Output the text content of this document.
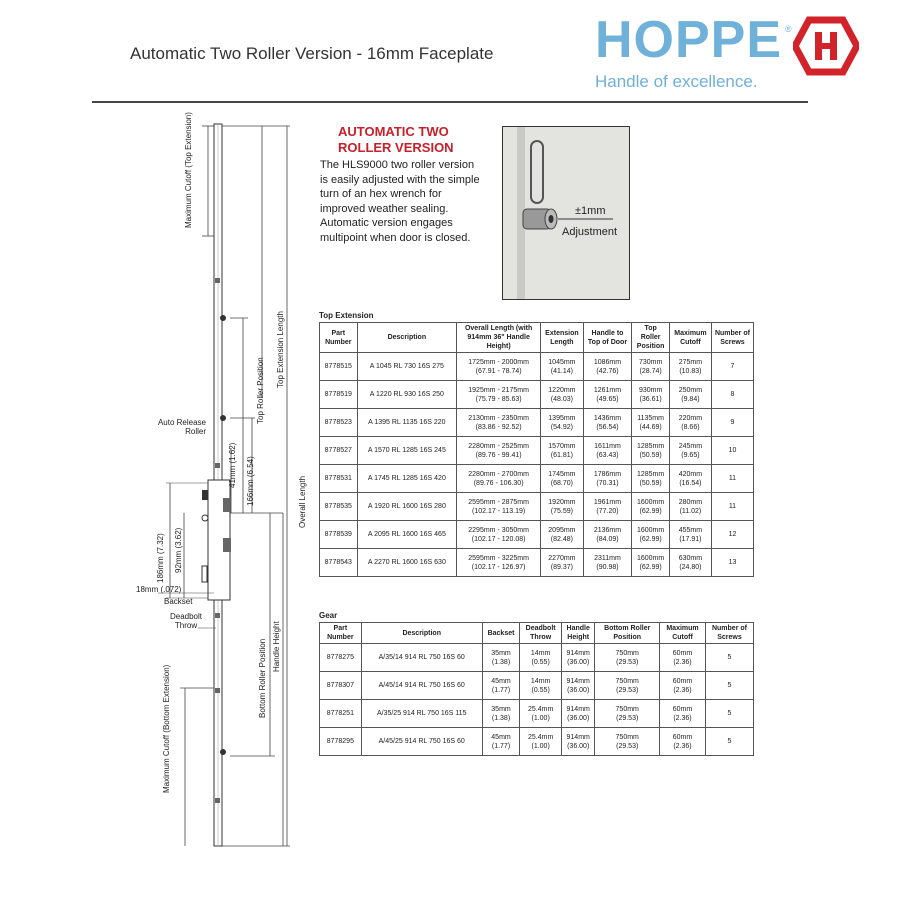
Automatic Two Roller Version - 16mm Faceplate HOPPE ®
Handle of excellence.
Maximum Cutoff (Top Extension)
Top Extension Length
Top Roller Position
Auto Release Roller
41mm (1.62) 166mm (6.54)	Overall Length
186mm (7.32) 92mm (3.62)
18mm (.072)
Backset
Deadbolt Throw
Bottom Roller Position Handle Height
Maximum Cutoff (Bottom Extension)
AUTOMATIC TWO ROLLER VERSION
The HLS9000 two roller version is easily adjusted with the simple turn of an hex wrench for improved weather sealing. Automatic version engages multipoint when door is closed.
±1mm
Adjustment
Top Extension
Part Number	Description	Overall Length (with 914mm 36" Handle Height)	Extension Length	Handle to Top of Door	Top Roller Position	Maximum Cutoff	Number of Screws

8778515	A 1045 RL 730 16S 275	1725mm - 2000mm
(67.91 - 78.74)	1045mm
(41.14)	1086mm
(42.76)	730mm
(28.74)	275mm
(10.83)	7

8778519	A 1220 RL 930 16S 250	1925mm - 2175mm
(75.79 - 85.63)	1220mm
(48.03)	1261mm
(49.65)	930mm
(36.61)	250mm
(9.84)	8

8778523	A 1395 RL 1135 16S 220	2130mm - 2350mm
(83.86 - 92.52)	1395mm
(54.92)	1436mm
(56.54)	1135mm
(44.69)	220mm
(8.66)	9

8778527	A 1570 RL 1285 16S 245	2280mm - 2525mm
(89.76 - 99.41)	1570mm
(61.81)	1611mm
(63.43)	1285mm
(50.59)	245mm
(9.65)	10

8778531	A 1745 RL 1285 16S 420	2280mm - 2700mm
(89.76 - 106.30)	1745mm
(68.70)	1786mm
(70.31)	1285mm
(50.59)	420mm
(16.54)	11

8778535	A 1920 RL 1600 16S 280	2595mm - 2875mm
(102.17 - 113.19)	1920mm
(75.59)	1961mm
(77.20)	1600mm
(62.99)	280mm
(11.02)	11

8778539	A 2095 RL 1600 16S 465	2295mm - 3050mm
(102.17 - 120.08)	2095mm
(82.48)	2136mm
(84.09)	1600mm
(62.99)	455mm
(17.91)	12

8778543	A 2270 RL 1600 16S 630	2595mm - 3225mm
(102.17 - 126.97)	2270mm
(89.37)	2311mm
(90.98)	1600mm
(62.99)	630mm
(24.80)	13
Gear
Part Number	Description	Backset	Deadbolt Throw	Handle Height	Bottom Roller Position	Maximum Cutoff	Number of Screws

8778275	A/35/14 914 RL 750 16S 60	35mm
(1.38)	14mm
(0.55)	914mm
(36.00)	750mm
(29.53)	60mm
(2.36)	5

8778307	A/45/14 914 RL 750 16S 60	45mm
(1.77)	14mm
(0.55)	914mm
(36.00)	750mm
(29.53)	60mm
(2.36)	5

8778251	A/35/25 914 RL 750 16S 115	35mm
(1.38)	25.4mm
(1.00)	914mm
(36.00)	750mm
(29.53)	60mm
(2.36)	5

8778295	A/45/25 914 RL 750 16S 60	45mm
(1.77)	25.4mm
(1.00)	914mm
(36.00)	750mm
(29.53)	60mm
(2.36)	5
